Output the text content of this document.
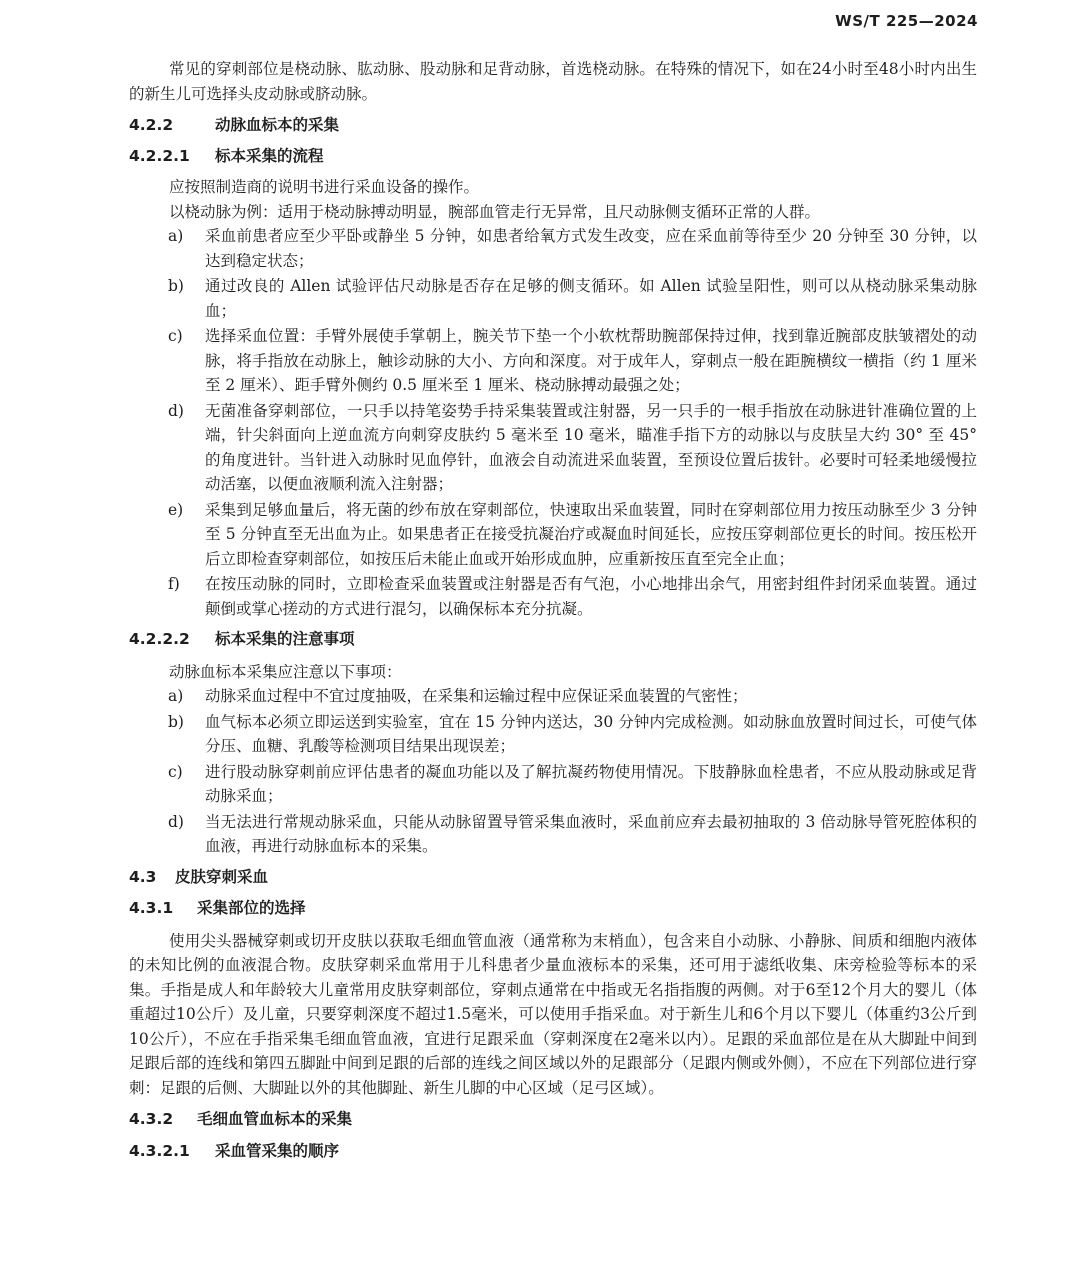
WS/T 225—2024

常见的穿刺部位是桡动脉、肱动脉、股动脉和足背动脉，首选桡动脉。在特殊的情况下，如在24小时至48小时内出生的新生儿可选择头皮动脉或脐动脉。

4.2.2	动脉血标本的采集
4.2.2.1	标本采集的流程

应按照制造商的说明书进行采血设备的操作。

以桡动脉为例：适用于桡动脉搏动明显，腕部血管走行无异常，且尺动脉侧支循环正常的人群。

a)	采血前患者应至少平卧或静坐 5 分钟，如患者给氧方式发生改变，应在采血前等待至少 20 分钟至 30 分钟，以达到稳定状态；
b)	通过改良的 Allen 试验评估尺动脉是否存在足够的侧支循环。如 Allen 试验呈阳性，则可以从桡动脉采集动脉血；
c)	选择采血位置：手臂外展使手掌朝上，腕关节下垫一个小软枕帮助腕部保持过伸，找到靠近腕部皮肤皱褶处的动脉，将手指放在动脉上，触诊动脉的大小、方向和深度。对于成年人，穿刺点一般在距腕横纹一横指（约 1 厘米至 2 厘米）、距手臂外侧约 0.5 厘米至 1 厘米、桡动脉搏动最强之处；
d)	无菌准备穿刺部位，一只手以持笔姿势手持采集装置或注射器，另一只手的一根手指放在动脉进针准确位置的上端，针尖斜面向上逆血流方向刺穿皮肤约 5 毫米至 10 毫米，瞄准手指下方的动脉以与皮肤呈大约 30° 至 45° 的角度进针。当针进入动脉时见血停针，血液会自动流进采血装置，至预设位置后拔针。必要时可轻柔地缓慢拉动活塞，以便血液顺利流入注射器；
e)	采集到足够血量后，将无菌的纱布放在穿刺部位，快速取出采血装置，同时在穿刺部位用力按压动脉至少 3 分钟至 5 分钟直至无出血为止。如果患者正在接受抗凝治疗或凝血时间延长，应按压穿刺部位更长的时间。按压松开后立即检查穿刺部位，如按压后未能止血或开始形成血肿，应重新按压直至完全止血；
f)	在按压动脉的同时，立即检查采血装置或注射器是否有气泡，小心地排出余气，用密封组件封闭采血装置。通过颠倒或掌心搓动的方式进行混匀，以确保标本充分抗凝。
4.2.2.2	标本采集的注意事项

动脉血标本采集应注意以下事项：

a)	动脉采血过程中不宜过度抽吸，在采集和运输过程中应保证采血装置的气密性；
b)	血气标本必须立即运送到实验室，宜在 15 分钟内送达，30 分钟内完成检测。如动脉血放置时间过长，可使气体分压、血糖、乳酸等检测项目结果出现误差；
c)	进行股动脉穿刺前应评估患者的凝血功能以及了解抗凝药物使用情况。下肢静脉血栓患者，不应从股动脉或足背动脉采血；
d)	当无法进行常规动脉采血，只能从动脉留置导管采集血液时，采血前应弃去最初抽取的 3 倍动脉导管死腔体积的血液，再进行动脉血标本的采集。
4.3	皮肤穿刺采血
4.3.1	采集部位的选择

使用尖头器械穿刺或切开皮肤以获取毛细血管血液（通常称为末梢血），包含来自小动脉、小静脉、间质和细胞内液体的未知比例的血液混合物。皮肤穿刺采血常用于儿科患者少量血液标本的采集，还可用于滤纸收集、床旁检验等标本的采集。手指是成人和年龄较大儿童常用皮肤穿刺部位，穿刺点通常在中指或无名指指腹的两侧。对于6至12个月大的婴儿（体重超过10公斤）及儿童，只要穿刺深度不超过1.5毫米，可以使用手指采血。对于新生儿和6个月以下婴儿（体重约3公斤到10公斤），不应在手指采集毛细血管血液，宜进行足跟采血（穿刺深度在2毫米以内）。足跟的采血部位是在从大脚趾中间到足跟后部的连线和第四五脚趾中间到足跟的后部的连线之间区域以外的足跟部分（足跟内侧或外侧），不应在下列部位进行穿刺：足跟的后侧、大脚趾以外的其他脚趾、新生儿脚的中心区域（足弓区域）。

4.3.2	毛细血管血标本的采集
4.3.2.1	采血管采集的顺序
